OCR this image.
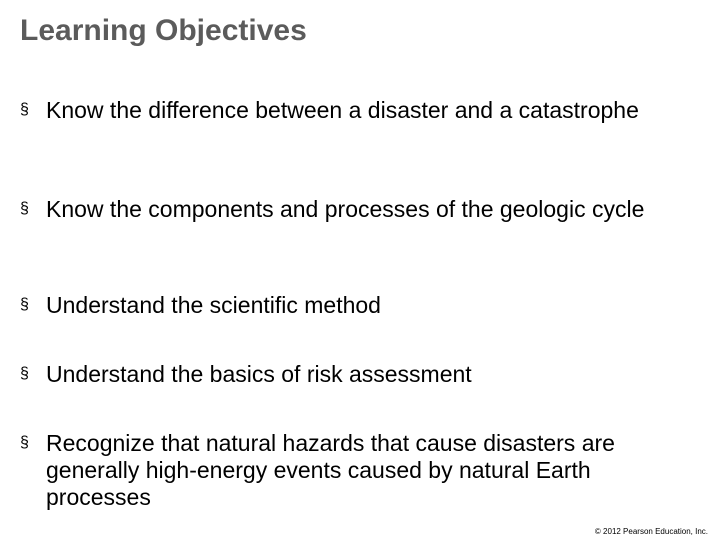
Learning Objectives
§ Know the difference between a disaster and a catastrophe
§ Know the components and processes of the geologic cycle
§ Understand the scientific method
§ Understand the basics of risk assessment
§ Recognize that natural hazards that cause disasters are generally high-energy events caused by natural Earth processes
© 2012 Pearson Education, Inc.
